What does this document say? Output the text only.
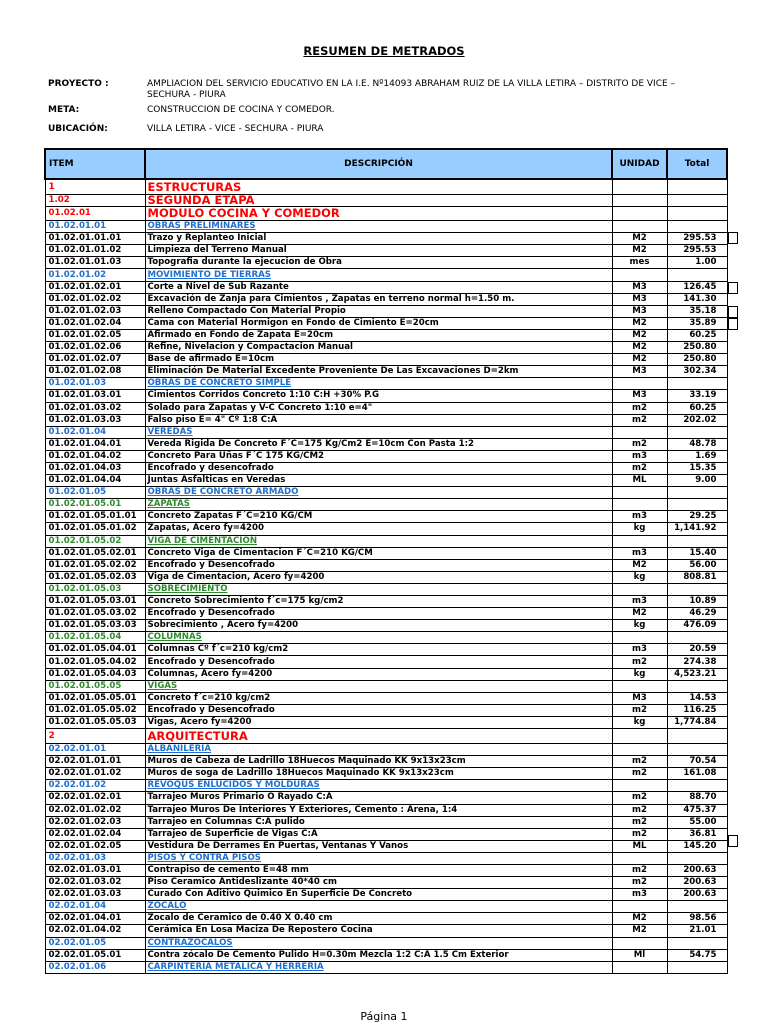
RESUMEN DE METRADOS
PROYECTO :	AMPLIACION DEL SERVICIO EDUCATIVO EN LA I.E. Nº14093 ABRAHAM RUIZ DE LA VILLA LETIRA – DISTRITO DE VICE – SECHURA - PIURA
META:	CONSTRUCCION DE COCINA Y COMEDOR.
UBICACIÓN:	VILLA LETIRA - VICE - SECHURA - PIURA
ITEM	DESCRIPCIÓN	UNIDAD	Total
1	ESTRUCTURAS		
1.02	SEGUNDA ETAPA		
01.02.01	MODULO COCINA Y COMEDOR		
01.02.01.01	OBRAS PRELIMINARES		
01.02.01.01.01	Trazo y Replanteo Inicial	M2	295.53
01.02.01.01.02	Limpieza del Terreno Manual	M2	295.53
01.02.01.01.03	Topografia durante la ejecucion de Obra	mes	1.00
01.02.01.02	MOVIMIENTO DE TIERRAS		
01.02.01.02.01	Corte a Nivel de Sub Razante	M3	126.45
01.02.01.02.02	Excavación de Zanja para Cimientos , Zapatas en terreno normal h=1.50 m.	M3	141.30
01.02.01.02.03	Relleno Compactado Con Material Propio	M3	35.18
01.02.01.02.04	Cama con Material Hormigon en Fondo de Cimiento E=20cm	M2	35.89
01.02.01.02.05	Afirmado en Fondo de Zapata E=20cm	M2	60.25
01.02.01.02.06	Refine, Nivelacion y Compactacion Manual	M2	250.80
01.02.01.02.07	Base de afirmado E=10cm	M2	250.80
01.02.01.02.08	Eliminación De Material Excedente Proveniente De Las Excavaciones D=2km	M3	302.34
01.02.01.03	OBRAS DE CONCRETO SIMPLE		
01.02.01.03.01	Cimientos Corridos Concreto 1:10 C:H +30% P.G	M3	33.19
01.02.01.03.02	Solado para Zapatas y V-C Concreto 1:10 e=4"	m2	60.25
01.02.01.03.03	Falso piso E= 4" Cº 1:8 C:A	m2	202.02
01.02.01.04	VEREDAS		
01.02.01.04.01	Vereda Rigida De Concreto F´C=175 Kg/Cm2 E=10cm Con Pasta 1:2	m2	48.78
01.02.01.04.02	Concreto Para Uñas F´C 175 KG/CM2	m3	1.69
01.02.01.04.03	Encofrado y desencofrado	m2	15.35
01.02.01.04.04	Juntas Asfalticas en Veredas	ML	9.00
01.02.01.05	OBRAS DE CONCRETO ARMADO		
01.02.01.05.01	ZAPATAS		
01.02.01.05.01.01	Concreto Zapatas F´C=210 KG/CM	m3	29.25
01.02.01.05.01.02	Zapatas, Acero fy=4200	kg	1,141.92
01.02.01.05.02	VIGA DE CIMENTACION		
01.02.01.05.02.01	Concreto Viga de Cimentacion F´C=210 KG/CM	m3	15.40
01.02.01.05.02.02	Encofrado y Desencofrado	M2	56.00
01.02.01.05.02.03	Viga de Cimentacion, Acero fy=4200	kg	808.81
01.02.01.05.03	SOBRECIMIENTO		
01.02.01.05.03.01	Concreto Sobrecimiento f´c=175 kg/cm2	m3	10.89
01.02.01.05.03.02	Encofrado y Desencofrado	M2	46.29
01.02.01.05.03.03	Sobrecimiento , Acero fy=4200	kg	476.09
01.02.01.05.04	COLUMNAS		
01.02.01.05.04.01	Columnas Cº f´c=210 kg/cm2	m3	20.59
01.02.01.05.04.02	Encofrado y Desencofrado	m2	274.38
01.02.01.05.04.03	Columnas, Acero fy=4200	kg	4,523.21
01.02.01.05.05	VIGAS		
01.02.01.05.05.01	Concreto f´c=210 kg/cm2	M3	14.53
01.02.01.05.05.02	Encofrado y Desencofrado	m2	116.25
01.02.01.05.05.03	Vigas, Acero fy=4200	kg	1,774.84
2	ARQUITECTURA		
02.02.01.01	ALBAÑILERIA		
02.02.01.01.01	Muros de Cabeza de Ladrillo 18Huecos Maquinado KK 9x13x23cm	m2	70.54
02.02.01.01.02	Muros de soga de Ladrillo 18Huecos Maquinado KK 9x13x23cm	m2	161.08
02.02.01.02	REVOQUS ENLUCIDOS Y MOLDURAS		
02.02.01.02.01	Tarrajeo Muros Primario O Rayado C:A	m2	88.70
02.02.01.02.02	Tarrajeo Muros De Interiores Y Exteriores, Cemento : Arena, 1:4	m2	475.37
02.02.01.02.03	Tarrajeo en Columnas C:A pulido	m2	55.00
02.02.01.02.04	Tarrajeo de Superficie de Vigas C:A	m2	36.81
02.02.01.02.05	Vestidura De Derrames En Puertas, Ventanas Y Vanos	ML	145.20
02.02.01.03	PISOS Y CONTRA PISOS		
02.02.01.03.01	Contrapiso de cemento E=48 mm	m2	200.63
02.02.01.03.02	Piso Ceramico Antideslizante 40*40 cm	m2	200.63
02.02.01.03.03	Curado Con Aditivo Quimico En Superficie De Concreto	m3	200.63
02.02.01.04	ZOCALO		
02.02.01.04.01	Zocalo de Ceramico de 0.40 X 0.40 cm	M2	98.56
02.02.01.04.02	Cerámica En Losa Maciza De Repostero Cocina	M2	21.01
02.02.01.05	CONTRAZOCALOS		
02.02.01.05.01	Contra zócalo De Cemento Pulido H=0.30m Mezcla 1:2 C:A 1.5 Cm Exterior	Ml	54.75
02.02.01.06	CARPINTERIA METALICA Y HERRERIA		
Página 1
